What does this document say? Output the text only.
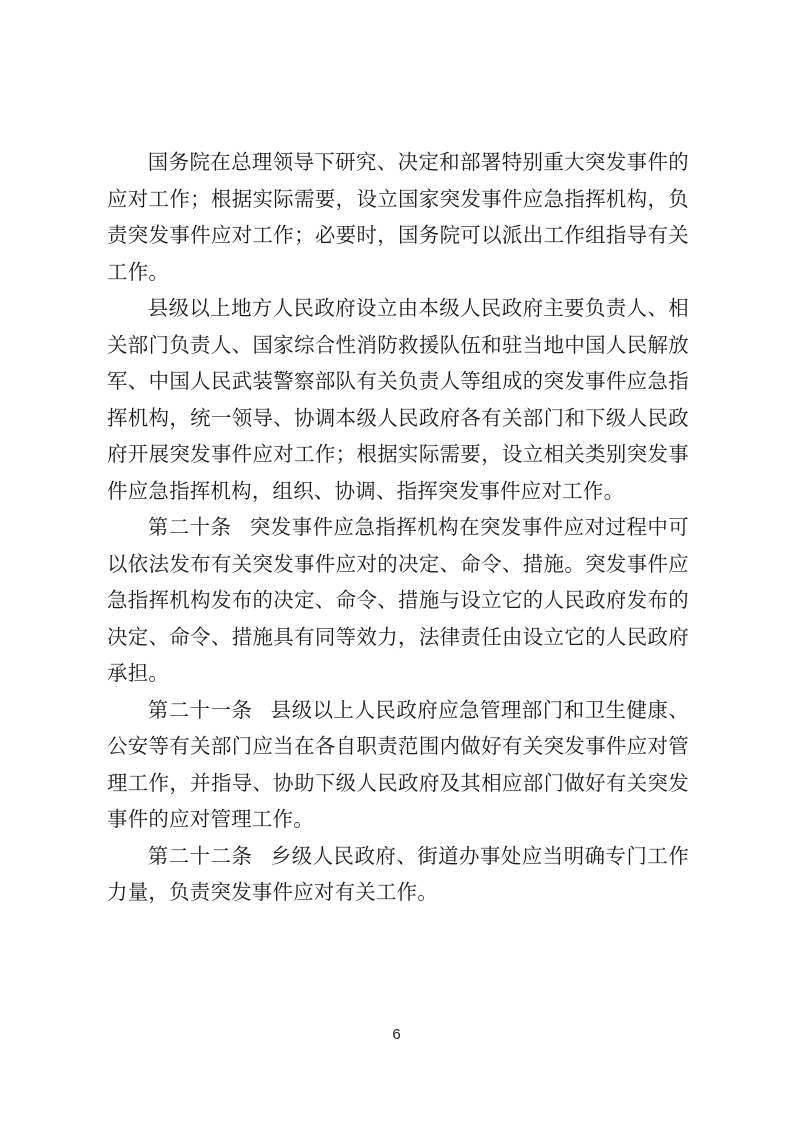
国务院在总理领导下研究、决定和部署特别重大突发事件的应对工作；根据实际需要，设立国家突发事件应急指挥机构，负责突发事件应对工作；必要时，国务院可以派出工作组指导有关工作。

县级以上地方人民政府设立由本级人民政府主要负责人、相关部门负责人、国家综合性消防救援队伍和驻当地中国人民解放军、中国人民武装警察部队有关负责人等组成的突发事件应急指挥机构，统一领导、协调本级人民政府各有关部门和下级人民政府开展突发事件应对工作；根据实际需要，设立相关类别突发事件应急指挥机构，组织、协调、指挥突发事件应对工作。

第二十条 突发事件应急指挥机构在突发事件应对过程中可以依法发布有关突发事件应对的决定、命令、措施。突发事件应急指挥机构发布的决定、命令、措施与设立它的人民政府发布的决定、命令、措施具有同等效力，法律责任由设立它的人民政府承担。

第二十一条 县级以上人民政府应急管理部门和卫生健康、公安等有关部门应当在各自职责范围内做好有关突发事件应对管理工作，并指导、协助下级人民政府及其相应部门做好有关突发事件的应对管理工作。

第二十二条 乡级人民政府、街道办事处应当明确专门工作力量，负责突发事件应对有关工作。

6
